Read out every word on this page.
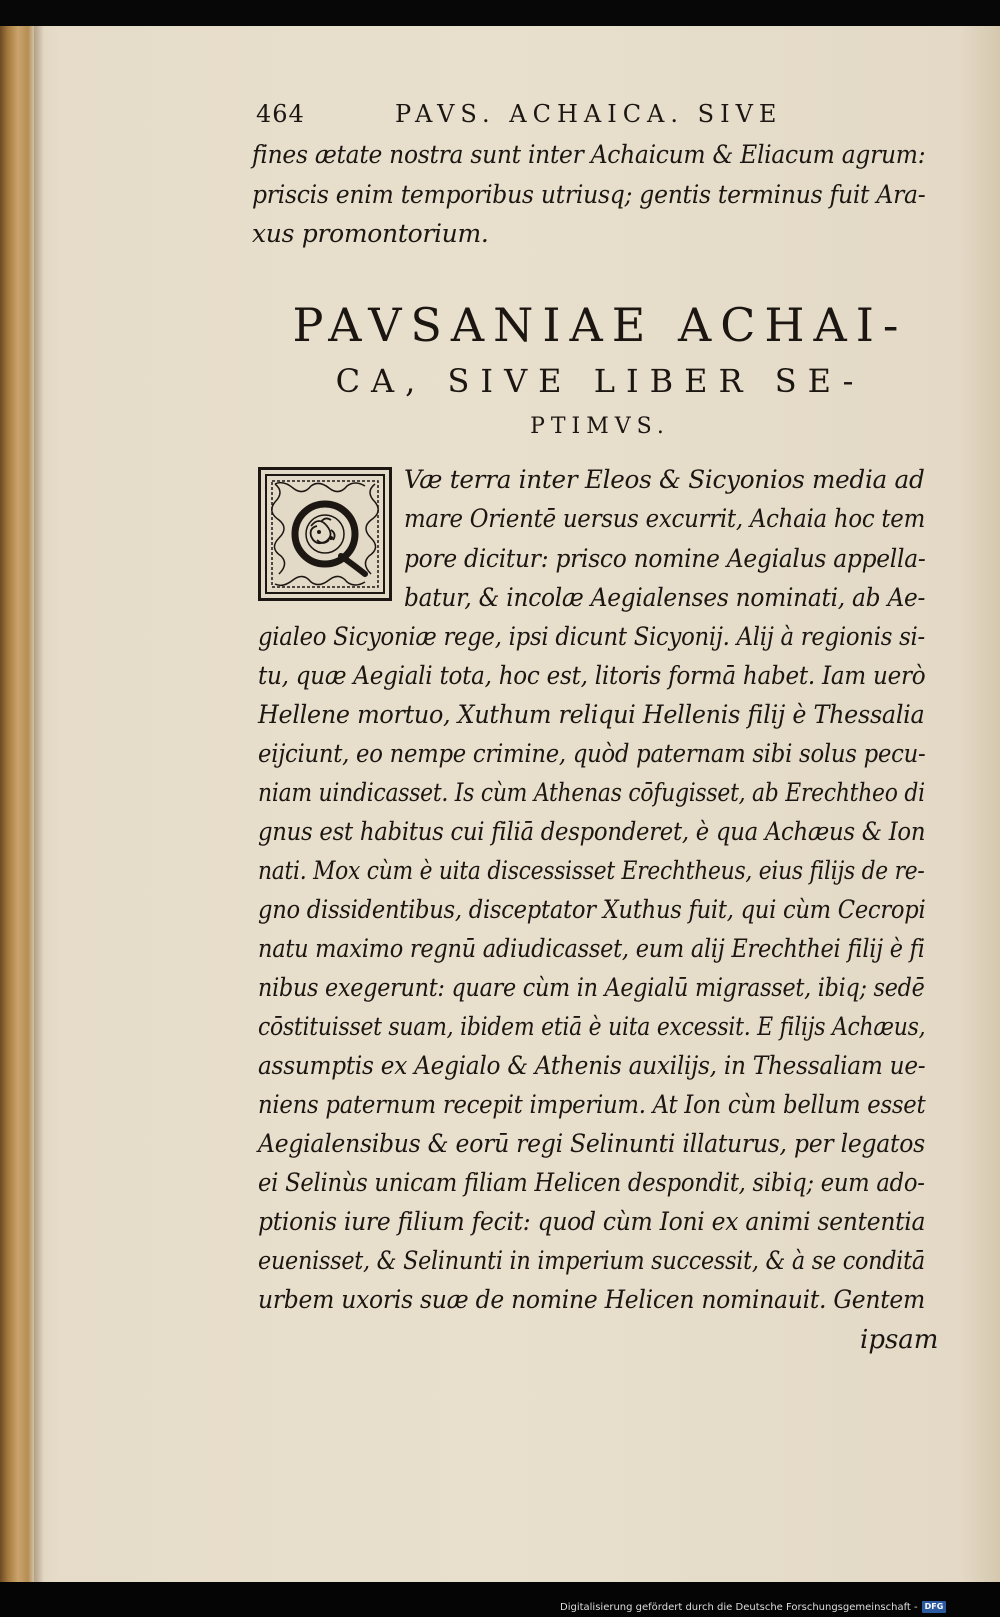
464	PAVS. ACHAICA. SIVE
fines ætate nostra sunt inter Achaicum & Eliacum agrum:
priscis enim temporibus utriusq; gentis terminus fuit Ara-
xus promontorium.
PAVSANIAE ACHAI-
CA, SIVE LIBER SE-
PTIMVS.
Væ terra inter Eleos & Sicyonios media ad
mare Orientē uersus excurrit, Achaia hoc tem
pore dicitur: prisco nomine Aegialus appella-
batur, & incolæ Aegialenses nominati, ab Ae-
gialeo Sicyoniæ rege, ipsi dicunt Sicyonij. Alij à regionis si-
tu, quæ Aegiali tota, hoc est, litoris formā habet. Iam uerò
Hellene mortuo, Xuthum reliqui Hellenis filij è Thessalia
eijciunt, eo nempe crimine, quòd paternam sibi solus pecu-
niam uindicasset. Is cùm Athenas cōfugisset, ab Erechtheo di
gnus est habitus cui filiā desponderet, è qua Achæus & Ion
nati. Mox cùm è uita discessisset Erechtheus, eius filijs de re-
gno dissidentibus, disceptator Xuthus fuit, qui cùm Cecropi
natu maximo regnū adiudicasset, eum alij Erechthei filij è fi
nibus exegerunt: quare cùm in Aegialū migrasset, ibiq; sedē
cōstituisset suam, ibidem etiā è uita excessit. E filijs Achæus,
assumptis ex Aegialo & Athenis auxilijs, in Thessaliam ue-
niens paternum recepit imperium. At Ion cùm bellum esset
Aegialensibus & eorū regi Selinunti illaturus, per legatos
ei Selinùs unicam filiam Helicen despondit, sibiq; eum ado-
ptionis iure filium fecit: quod cùm Ioni ex animi sententia
euenisset, & Selinunti in imperium successit, & à se conditā
urbem uxoris suæ de nomine Helicen nominauit. Gentem
ipsam
Digitalisierung gefördert durch die Deutsche Forschungsgemeinschaft - DFG
